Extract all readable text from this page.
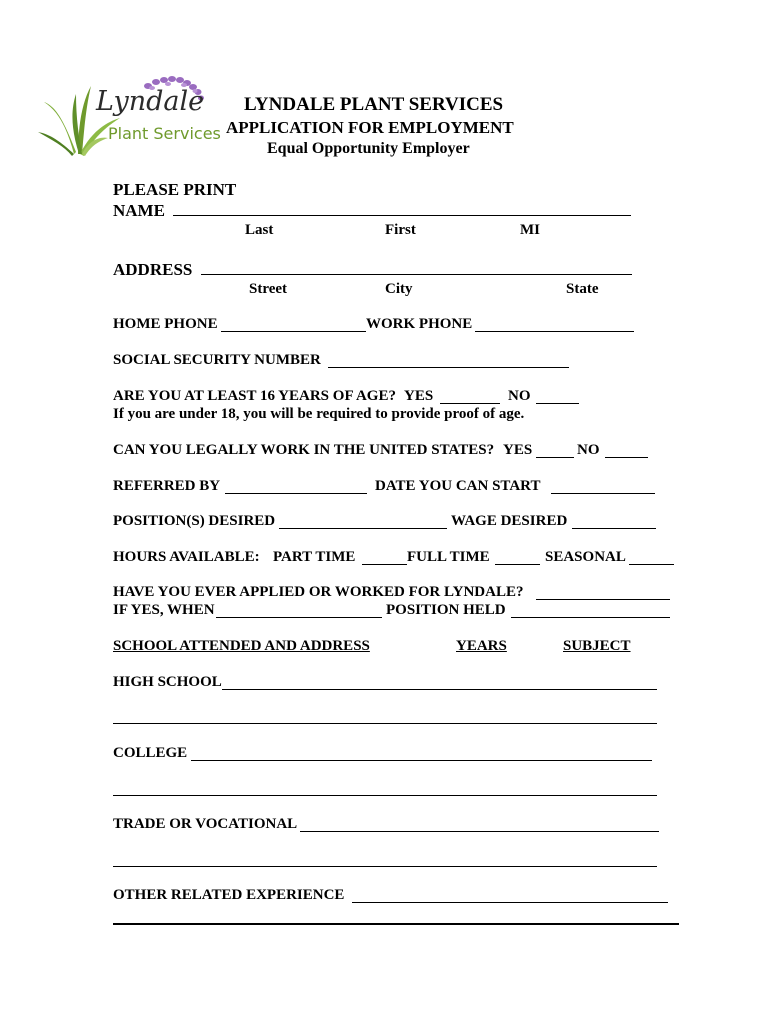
Lyndale
Plant Services
LYNDALE PLANT SERVICES
APPLICATION FOR EMPLOYMENT
Equal Opportunity Employer
PLEASE PRINT
NAME
Last	First	MI
ADDRESS
Street	City	State
HOME PHONE	WORK PHONE
SOCIAL SECURITY NUMBER
ARE YOU AT LEAST 16 YEARS OF AGE? YES	NO
If you are under 18, you will be required to provide proof of age.
CAN YOU LEGALLY WORK IN THE UNITED STATES? YES	NO
REFERRED BY	DATE YOU CAN START
POSITION(S) DESIRED	WAGE DESIRED
HOURS AVAILABLE: PART TIME	FULL TIME	SEASONAL
HAVE YOU EVER APPLIED OR WORKED FOR LYNDALE?
IF YES, WHEN	POSITION HELD
SCHOOL ATTENDED AND ADDRESS	YEARS	SUBJECT
HIGH SCHOOL
COLLEGE
TRADE OR VOCATIONAL
OTHER RELATED EXPERIENCE
